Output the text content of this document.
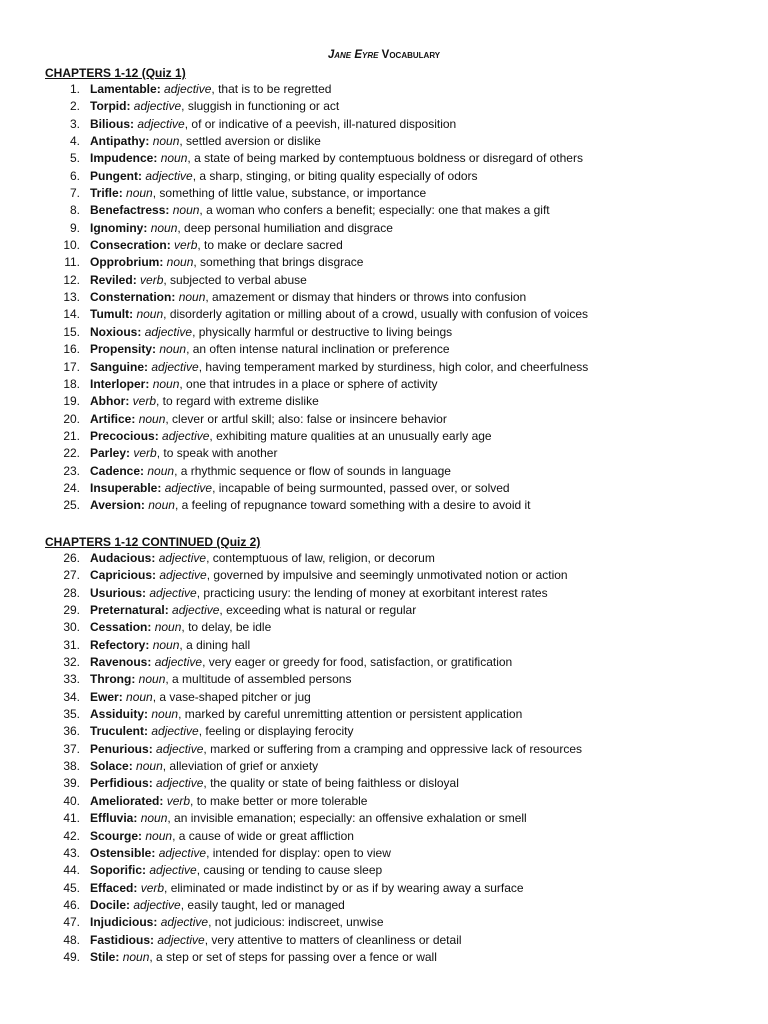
Jane Eyre Vocabulary
CHAPTERS 1-12 (Quiz 1)
1. Lamentable: adjective, that is to be regretted
2. Torpid: adjective, sluggish in functioning or act
3. Bilious: adjective, of or indicative of a peevish, ill-natured disposition
4. Antipathy: noun, settled aversion or dislike
5. Impudence: noun, a state of being marked by contemptuous boldness or disregard of others
6. Pungent: adjective, a sharp, stinging, or biting quality especially of odors
7. Trifle: noun, something of little value, substance, or importance
8. Benefactress: noun, a woman who confers a benefit; especially: one that makes a gift
9. Ignominy: noun, deep personal humiliation and disgrace
10. Consecration: verb, to make or declare sacred
11. Opprobrium: noun, something that brings disgrace
12. Reviled: verb, subjected to verbal abuse
13. Consternation: noun, amazement or dismay that hinders or throws into confusion
14. Tumult: noun, disorderly agitation or milling about of a crowd, usually with confusion of voices
15. Noxious: adjective, physically harmful or destructive to living beings
16. Propensity: noun, an often intense natural inclination or preference
17. Sanguine: adjective, having temperament marked by sturdiness, high color, and cheerfulness
18. Interloper: noun, one that intrudes in a place or sphere of activity
19. Abhor: verb, to regard with extreme dislike
20. Artifice: noun, clever or artful skill; also: false or insincere behavior
21. Precocious: adjective, exhibiting mature qualities at an unusually early age
22. Parley: verb, to speak with another
23. Cadence: noun, a rhythmic sequence or flow of sounds in language
24. Insuperable: adjective, incapable of being surmounted, passed over, or solved
25. Aversion: noun, a feeling of repugnance toward something with a desire to avoid it
CHAPTERS 1-12 CONTINUED (Quiz 2)
26. Audacious: adjective, contemptuous of law, religion, or decorum
27. Capricious: adjective, governed by impulsive and seemingly unmotivated notion or action
28. Usurious: adjective, practicing usury: the lending of money at exorbitant interest rates
29. Preternatural: adjective, exceeding what is natural or regular
30. Cessation: noun, to delay, be idle
31. Refectory: noun, a dining hall
32. Ravenous: adjective, very eager or greedy for food, satisfaction, or gratification
33. Throng: noun, a multitude of assembled persons
34. Ewer: noun, a vase-shaped pitcher or jug
35. Assiduity: noun, marked by careful unremitting attention or persistent application
36. Truculent: adjective, feeling or displaying ferocity
37. Penurious: adjective, marked or suffering from a cramping and oppressive lack of resources
38. Solace: noun, alleviation of grief or anxiety
39. Perfidious: adjective, the quality or state of being faithless or disloyal
40. Ameliorated: verb, to make better or more tolerable
41. Effluvia: noun, an invisible emanation; especially: an offensive exhalation or smell
42. Scourge: noun, a cause of wide or great affliction
43. Ostensible: adjective, intended for display: open to view
44. Soporific: adjective, causing or tending to cause sleep
45. Effaced: verb, eliminated or made indistinct by or as if by wearing away a surface
46. Docile: adjective, easily taught, led or managed
47. Injudicious: adjective, not judicious: indiscreet, unwise
48. Fastidious: adjective, very attentive to matters of cleanliness or detail
49. Stile: noun, a step or set of steps for passing over a fence or wall
